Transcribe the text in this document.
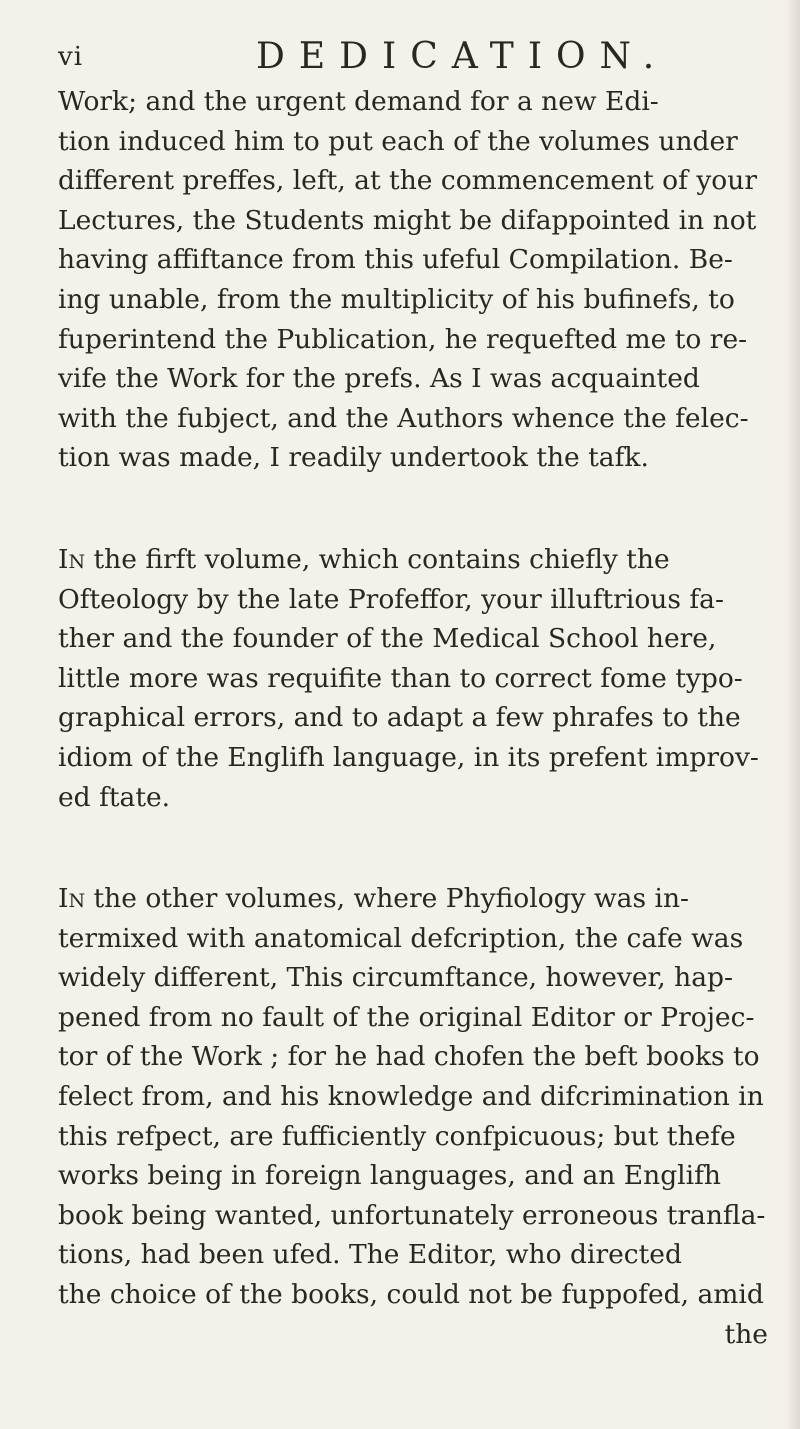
vi	DEDICATION.

Work; and the urgent demand for a new Edi-
tion induced him to put each of the volumes under
different preffes, left, at the commencement of your
Lectures, the Students might be difappointed in not
having affiftance from this ufeful Compilation. Be-
ing unable, from the multiplicity of his bufinefs, to
fuperintend the Publication, he requefted me to re-
vife the Work for the prefs. As I was acquainted
with the fubject, and the Authors whence the felec-
tion was made, I readily undertook the tafk.

In the firft volume, which contains chiefly the
Ofteology by the late Profeffor, your illuftrious fa-
ther and the founder of the Medical School here,
little more was requifite than to correct fome typo-
graphical errors, and to adapt a few phrafes to the
idiom of the Englifh language, in its prefent improv-
ed ftate.

In the other volumes, where Phyfiology was in-
termixed with anatomical defcription, the cafe was
widely different, This circumftance, however, hap-
pened from no fault of the original Editor or Projec-
tor of the Work ; for he had chofen the beft books to
felect from, and his knowledge and difcrimination in
this refpect, are fufficiently confpicuous; but thefe
works being in foreign languages, and an Englifh
book being wanted, unfortunately erroneous tranfla-
tions, had been ufed. The Editor, who directed
the choice of the books, could not be fuppofed, amid
the
